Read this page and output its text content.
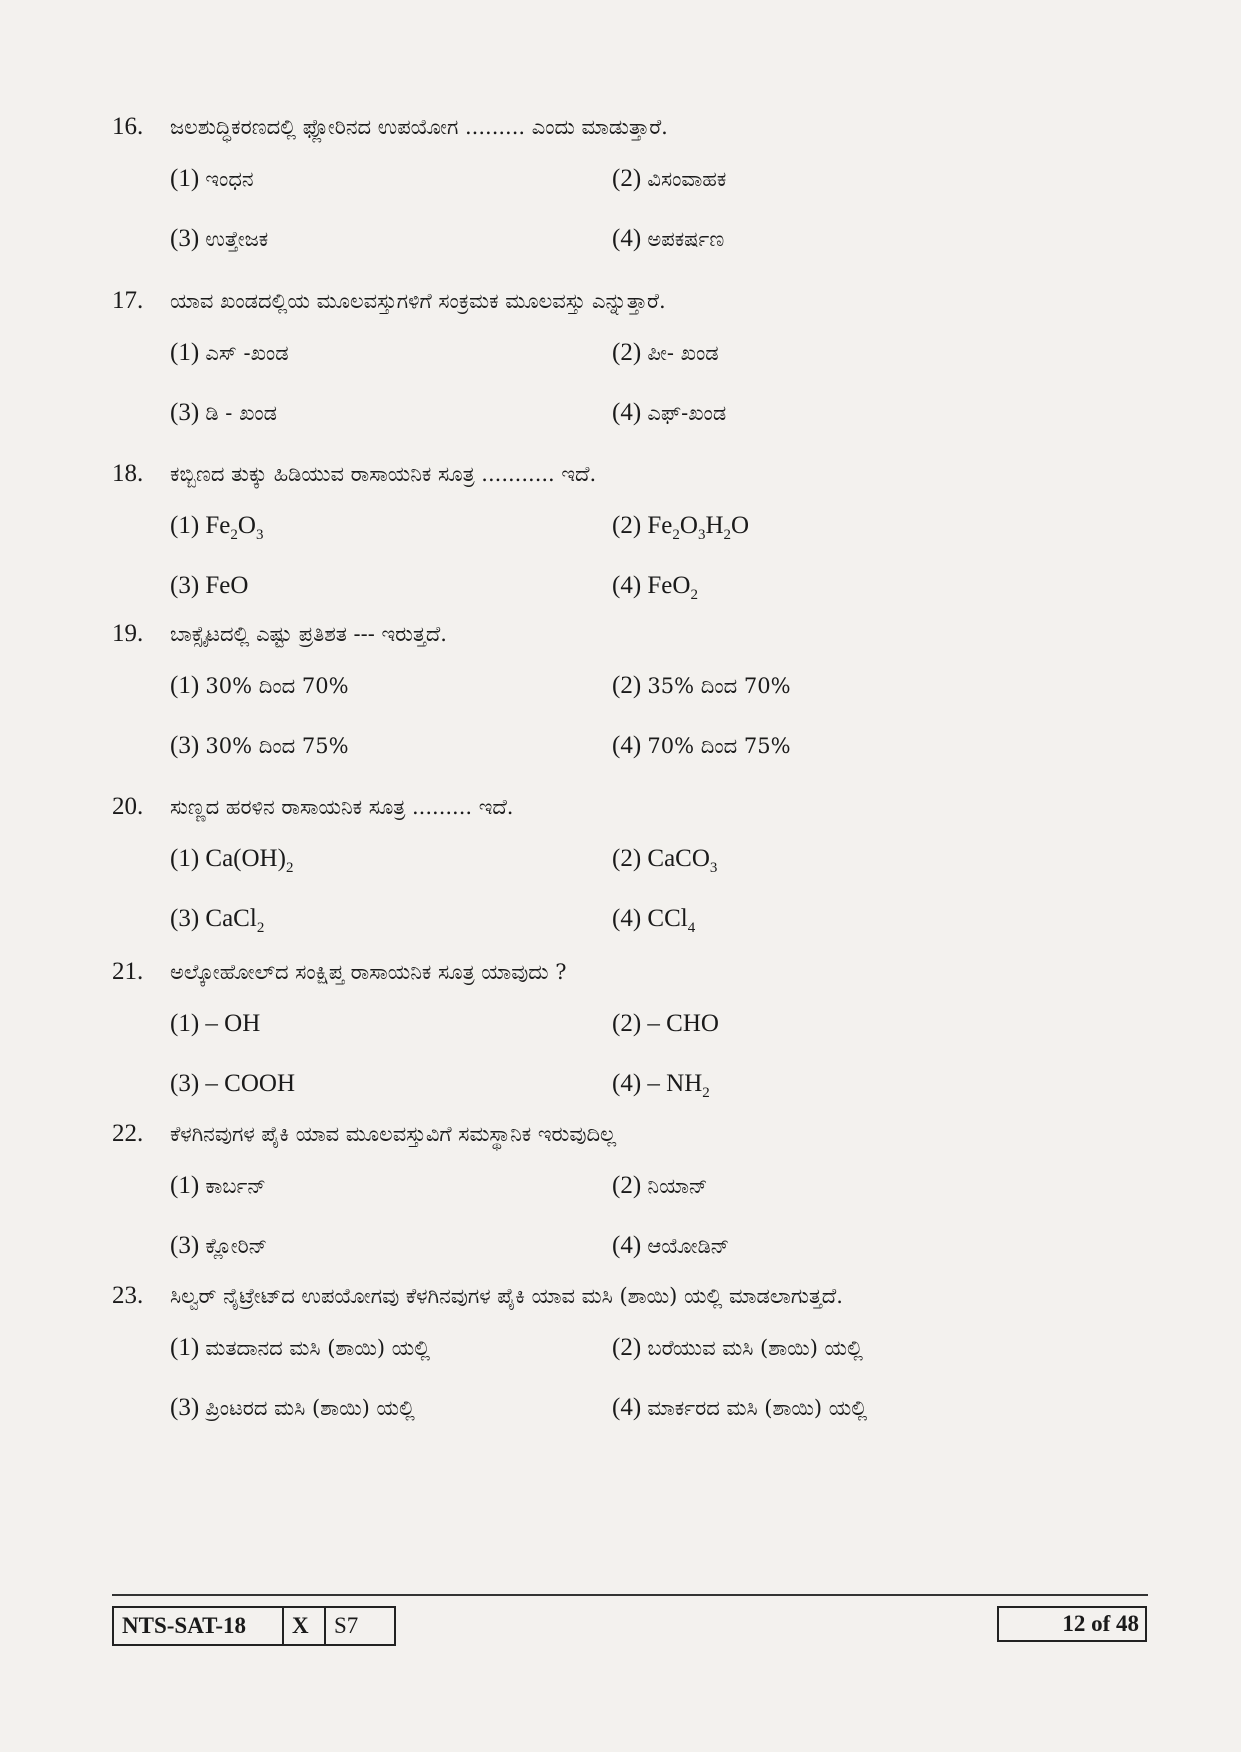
16.	ಜಲಶುದ್ಧಿಕರಣದಲ್ಲಿ ಫ್ಲೋರಿನದ ಉಪಯೋಗ ......... ಎಂದು ಮಾಡುತ್ತಾರೆ.
(1) ಇಂಧನ	(2) ವಿಸಂವಾಹಕ
(3) ಉತ್ತೇಜಕ	(4) ಅಪಕರ್ಷಣ
17.	ಯಾವ ಖಂಡದಲ್ಲಿಯ ಮೂಲವಸ್ತುಗಳಿಗೆ ಸಂಕ್ರಮಕ ಮೂಲವಸ್ತು ಎನ್ನುತ್ತಾರೆ.
(1) ಎಸ್ -ಖಂಡ	(2) ಪೀ- ಖಂಡ
(3) ಡಿ - ಖಂಡ	(4) ಎಫ್-ಖಂಡ
18.	ಕಬ್ಬಿಣದ ತುಕ್ಕು ಹಿಡಿಯುವ ರಾಸಾಯನಿಕ ಸೂತ್ರ ........... ಇದೆ.
(1) $Fe_2O_3$	(2) $Fe_2O_3H_2O$
(3) FeO	(4) FeO$_2$
19.	ಬಾಕ್ಸೈಟದಲ್ಲಿ ಎಷ್ಟು ಪ್ರತಿಶತ --- ಇರುತ್ತದೆ.
(1) 30% ದಿಂದ 70%	(2) 35% ದಿಂದ 70%
(3) 30% ದಿಂದ 75%	(4) 70% ದಿಂದ 75%
20.	ಸುಣ್ಣದ ಹರಳಿನ ರಾಸಾಯನಿಕ ಸೂತ್ರ ......... ಇದೆ.
(1) $Ca(OH)_2$	(2) CaCO$_3$
(3) CaCl$_2$	(4) CCl$_4$
21.	ಅಲ್ಕೋಹೋಲ್‌ದ ಸಂಕ್ಷಿಪ್ತ ರಾಸಾಯನಿಕ ಸೂತ್ರ ಯಾವುದು ?
(1) – OH	(2) – CHO
(3) – COOH	$(4) - NH_2$
22.	ಕೆಳಗಿನವುಗಳ ಪೈಕಿ ಯಾವ ಮೂಲವಸ್ತುವಿಗೆ ಸಮಸ್ಥಾನಿಕ ಇರುವುದಿಲ್ಲ
(1) ಕಾರ್ಬನ್	(2) ನಿಯಾನ್
(3) ಕ್ಲೋರಿನ್	(4) ಆಯೋಡಿನ್
23.	ಸಿಲ್ವರ್ ನೈಟ್ರೇಟ್‌ದ ಉಪಯೋಗವು ಕೆಳಗಿನವುಗಳ ಪೈಕಿ ಯಾವ ಮಸಿ (ಶಾಯಿ) ಯಲ್ಲಿ ಮಾಡಲಾಗುತ್ತದೆ.
(1) ಮತದಾನದ ಮಸಿ (ಶಾಯಿ) ಯಲ್ಲಿ	(2) ಬರೆಯುವ ಮಸಿ (ಶಾಯಿ) ಯಲ್ಲಿ
(3) ಪ್ರಿಂಟರದ ಮಸಿ (ಶಾಯಿ) ಯಲ್ಲಿ	(4) ಮಾರ್ಕರದ ಮಸಿ (ಶಾಯಿ) ಯಲ್ಲಿ
NTS-SAT-18	X	S7	12 of 48
